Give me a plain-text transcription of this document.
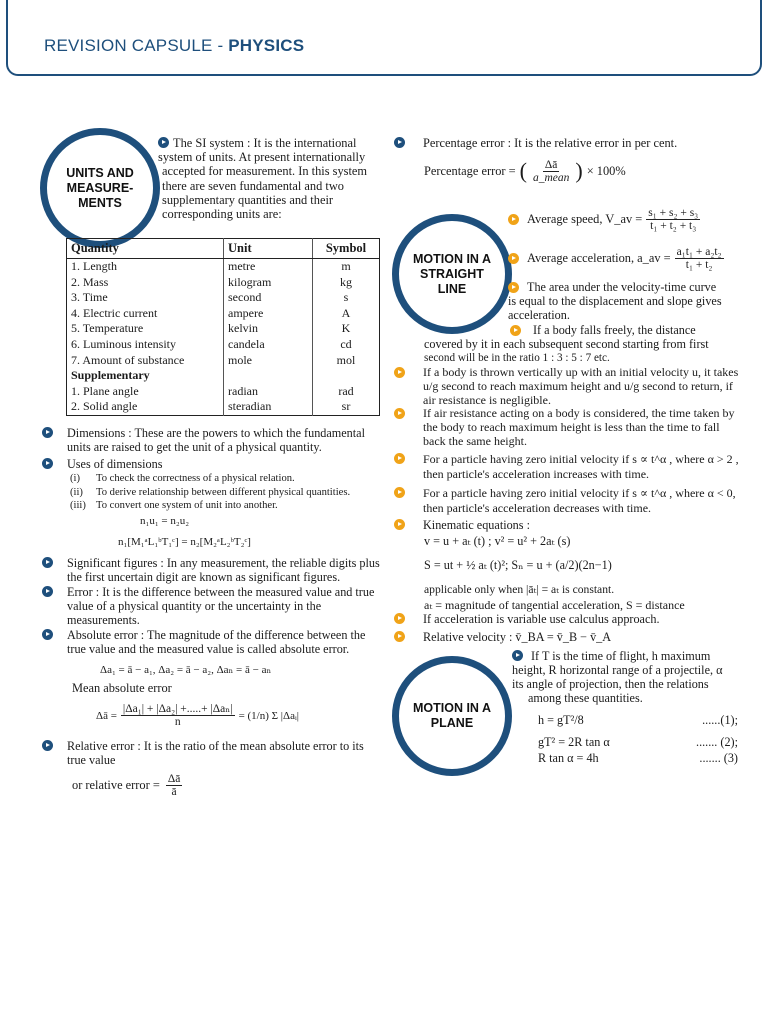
REVISION CAPSULE - PHYSICS
UNITS AND
MEASURE-
MENTS
The SI system : It is the international
system of units. At present internationally
accepted for measurement. In this system
there are seven fundamental and two
supplementary quantities and their
corresponding units are:
Quantity	Unit	Symbol
1. Length	metre	m
2. Mass	kilogram	kg
3. Time	second	s
4. Electric current	ampere	A
5. Temperature	kelvin	K
6. Luminous intensity	candela	cd
7. Amount of substance	mole	mol
Supplementary		
1. Plane angle	radian	rad
2. Solid angle	steradian	sr
Dimensions : These are the powers to which the fundamental units are raised to get the unit of a physical quantity.
Uses of dimensions
(i)	To check the correctness of a physical relation.
(ii)	To derive relationship between different physical quantities.
(iii) To convert one system of unit into another.
n₁u₁ = n₂u₂
n₁[M₁ᵃL₁ᵇT₁ᶜ] = n₂[M₂ᵃL₂ᵇT₂ᶜ]
Significant figures : In any measurement, the reliable digits plus the first uncertain digit are known as significant figures.
Error : It is the difference between the measured value and true value of a physical quantity or the uncertainty in the measurements.
Absolute error : The magnitude of the difference between the true value and the measured value is called absolute error.
Δa₁ = ā − a₁, Δa₂ = ā − a₂, Δaₙ = ā − aₙ
Mean absolute error
Δā = $\frac{\text{|Δa₁| + |Δa₂| +.....+ |Δaₙ|}}{n} = (1/n)$ Σ |Δaᵢ|
Relative error : It is the ratio of the mean absolute error to its true value
or relative error = $\frac{\Delta ā}{ā}$
Percentage error : It is the relative error in per cent.
Percentage error = ( $\frac{\Delta ā}{\text{a\_mean}}$ ) × 100%
MOTION IN A
STRAIGHT
LINE
Average speed, V_av = $\frac{\text{s₁ + s₂ + s₃}}{\text{t₁ + t₂ + t₃}}$
Average acceleration, a_av = $\frac{\text{a₁t₁ + a₂t₂}}{\text{t₁ + t₂}}$
The area under the velocity-time curve
is equal to the displacement and slope gives
acceleration.
If a body falls freely, the distance
covered by it in each subsequent second starting from first
second will be in the ratio 1 : 3 : 5 : 7 etc.
If a body is thrown vertically up with an initial velocity u, it takes u/g second to reach maximum height and u/g second to return, if air resistance is negligible.
If air resistance acting on a body is considered, the time taken by the body to reach maximum height is less than the time to fall back the same height.
For a particle having zero initial velocity if s ∝ t^α , where α > 2 , then particle's acceleration increases with time.
For a particle having zero initial velocity if s ∝ t^α , where α < 0, then particle's acceleration decreases with time.
Kinematic equations :
v = u + aₜ (t) ; v² = u² + 2aₜ (s)
S = ut + ½ aₜ (t)²; Sₙ = u + (a/2)(2n−1)
applicable only when |āₜ| = aₜ is constant.
aₜ = magnitude of tangential acceleration, S = distance
If acceleration is variable use calculus approach.
Relative velocity : v̄_BA = v̄_B − v̄_A
MOTION IN A
PLANE
If T is the time of flight, h maximum
height, R horizontal range of a projectile, α
its angle of projection, then the relations
among these quantities.
h = gT²/8	......(1);
gT² = 2R tan α	....... (2);
R tan α = 4h	....... (3)
